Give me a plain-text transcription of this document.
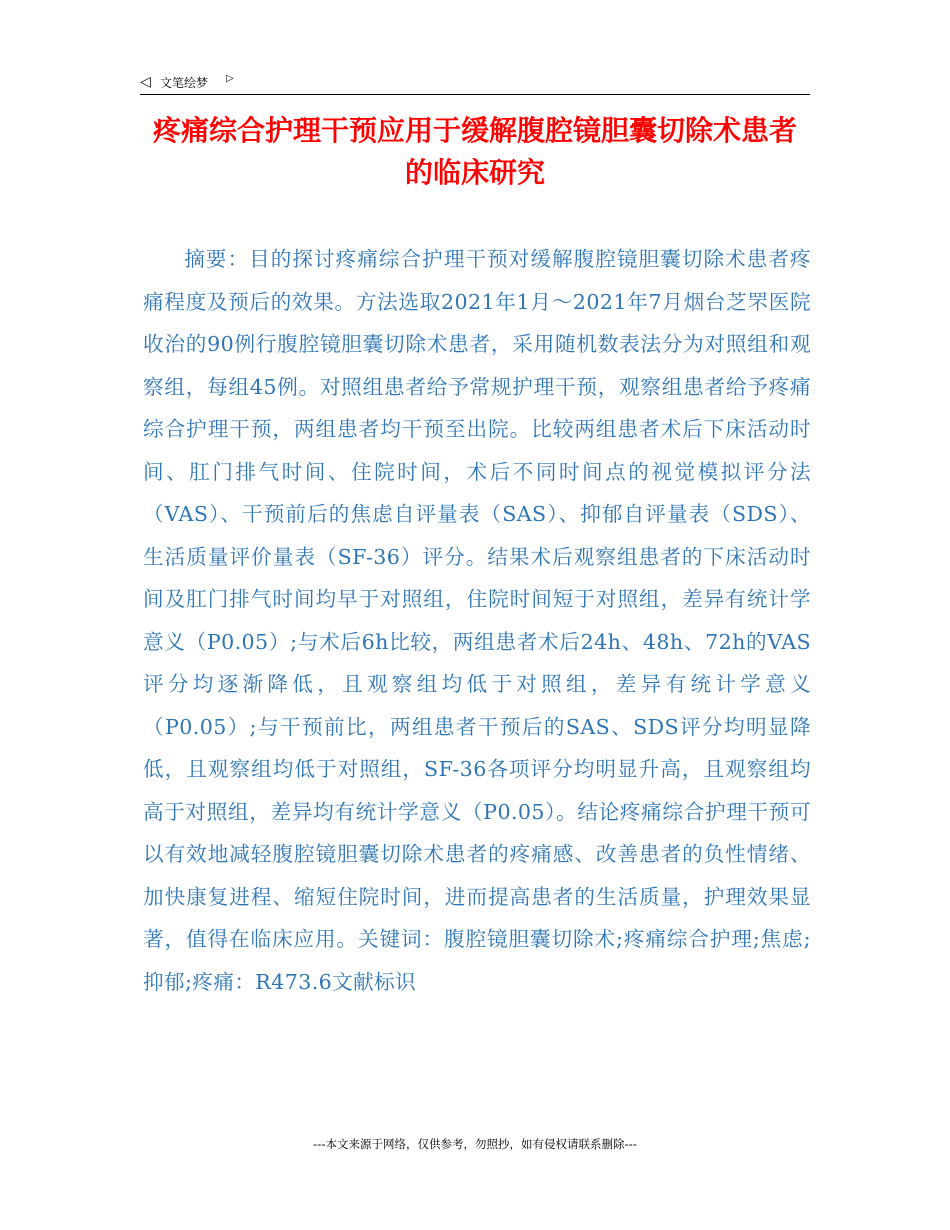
◁ 文笔绘梦 ▷
疼痛综合护理干预应用于缓解腹腔镜胆囊切除术患者的临床研究

摘要：目的探讨疼痛综合护理干预对缓解腹腔镜胆囊切除术患者疼痛程度及预后的效果。方法选取2021年1月～2021年7月烟台芝罘医院收治的90例行腹腔镜胆囊切除术患者，采用随机数表法分为对照组和观察组，每组45例。对照组患者给予常规护理干预，观察组患者给予疼痛综合护理干预，两组患者均干预至出院。比较两组患者术后下床活动时间、肛门排气时间、住院时间，术后不同时间点的视觉模拟评分法（VAS）、干预前后的焦虑自评量表（SAS）、抑郁自评量表（SDS）、生活质量评价量表（SF-36）评分。结果术后观察组患者的下床活动时间及肛门排气时间均早于对照组，住院时间短于对照组，差异有统计学意义（P0.05）;与术后6h比较，两组患者术后24h、48h、72h的VAS评分均逐渐降低，且观察组均低于对照组，差异有统计学意义（P0.05）;与干预前比，两组患者干预后的SAS、SDS评分均明显降低，且观察组均低于对照组，SF-36各项评分均明显升高，且观察组均高于对照组，差异均有统计学意义（P0.05）。结论疼痛综合护理干预可以有效地减轻腹腔镜胆囊切除术患者的疼痛感、改善患者的负性情绪、加快康复进程、缩短住院时间，进而提高患者的生活质量，护理效果显著，值得在临床应用。关键词：腹腔镜胆囊切除术;疼痛综合护理;焦虑;抑郁;疼痛：R473.6文献标识

---本文来源于网络，仅供参考，勿照抄，如有侵权请联系删除---
